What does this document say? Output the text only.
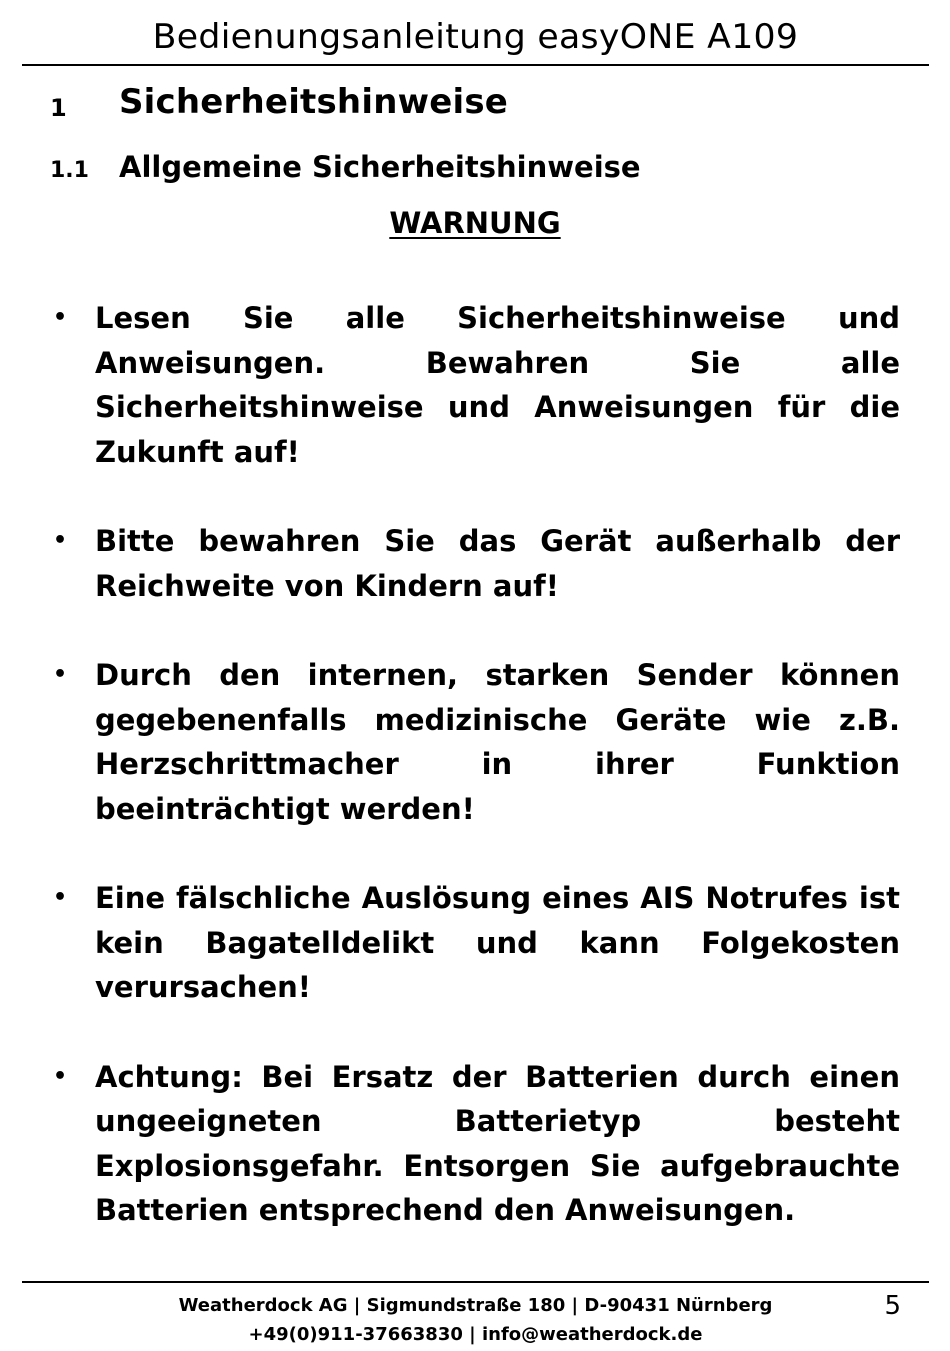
Bedienungsanleitung easyONE A109
1 Sicherheitshinweise
1.1 Allgemeine Sicherheitshinweise
WARNUNG
• Lesen Sie alle Sicherheitshinweise und Anweisungen. Bewahren Sie alle Sicherheitshinweise und Anweisungen für die Zukunft auf!
• Bitte bewahren Sie das Gerät außerhalb der Reichweite von Kindern auf!
• Durch den internen, starken Sender können gegebenenfalls medizinische Geräte wie z.B. Herzschrittmacher in ihrer Funktion beeinträchtigt werden!
• Eine fälschliche Auslösung eines AIS Notrufes ist kein Bagatelldelikt und kann Folgekosten verursachen!
• Achtung: Bei Ersatz der Batterien durch einen ungeeigneten Batterietyp besteht Explosionsgefahr. Entsorgen Sie aufgebrauchte Batterien entsprechend den Anweisungen.
Weatherdock AG | Sigmundstraße 180 | D-90431 Nürnberg
+49(0)911-37663830 | info@weatherdock.de
5
